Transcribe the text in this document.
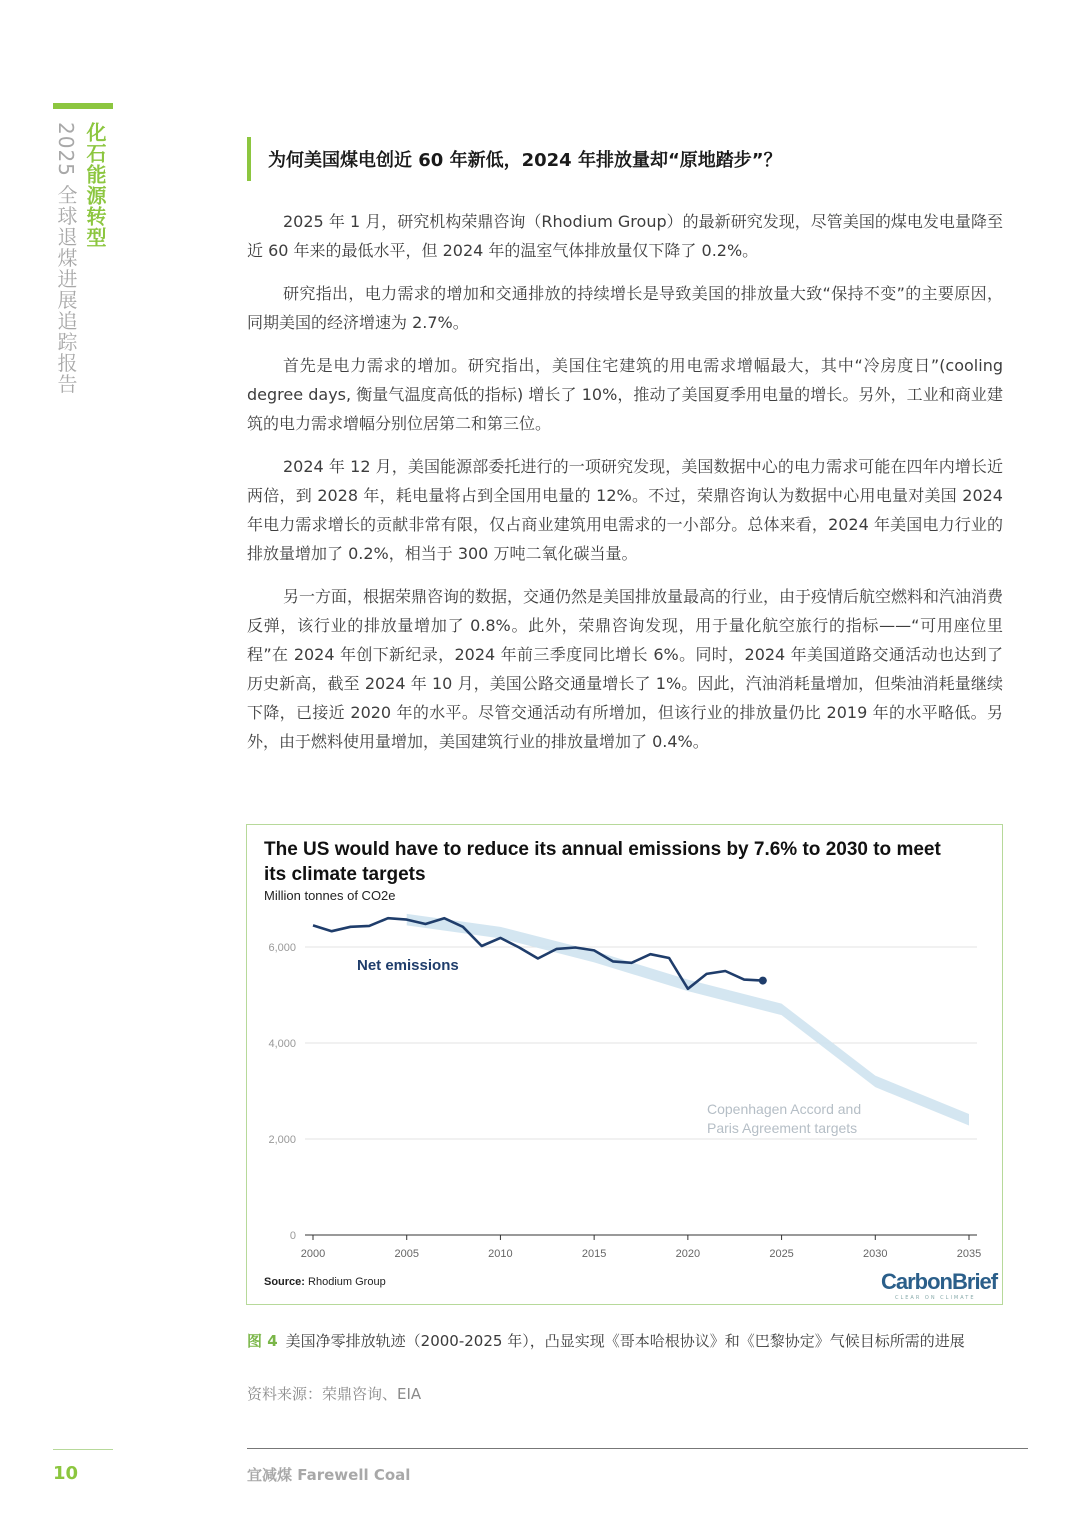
化石能源转型
2025 全球退煤进展追踪报告	为何美国煤电创近 60 年新低，2024 年排放量却“原地踏步”？

2025 年 1 月，研究机构荣鼎咨询（Rhodium Group）的最新研究发现，尽管美国的煤电发电量降至近 60 年来的最低水平，但 2024 年的温室气体排放量仅下降了 0.2%。

研究指出，电力需求的增加和交通排放的持续增长是导致美国的排放量大致“保持不变”的主要原因，同期美国的经济增速为 2.7%。

首先是电力需求的增加。研究指出，美国住宅建筑的用电需求增幅最大，其中“冷房度日”(cooling degree days, 衡量气温度高低的指标) 增长了 10%，推动了美国夏季用电量的增长。另外，工业和商业建筑的电力需求增幅分别位居第二和第三位。

2024 年 12 月，美国能源部委托进行的一项研究发现，美国数据中心的电力需求可能在四年内增长近两倍，到 2028 年，耗电量将占到全国用电量的 12%。不过，荣鼎咨询认为数据中心用电量对美国 2024 年电力需求增长的贡献非常有限，仅占商业建筑用电需求的一小部分。总体来看，2024 年美国电力行业的排放量增加了 0.2%，相当于 300 万吨二氧化碳当量。

另一方面，根据荣鼎咨询的数据，交通仍然是美国排放量最高的行业，由于疫情后航空燃料和汽油消费反弹，该行业的排放量增加了 0.8%。此外，荣鼎咨询发现，用于量化航空旅行的指标——“可用座位里程”在 2024 年创下新纪录，2024 年前三季度同比增长 6%。同时，2024 年美国道路交通活动也达到了历史新高，截至 2024 年 10 月，美国公路交通量增长了 1%。因此，汽油消耗量增加，但柴油消耗量继续下降，已接近 2020 年的水平。尽管交通活动有所增加，但该行业的排放量仍比 2019 年的水平略低。另外，由于燃料使用量增加，美国建筑行业的排放量增加了 0.4%。

The US would have to reduce its annual emissions by 7.6% to 2030 to meet its climate targets
Million tonnes of CO2e
0
2,000
4,000
6,000
2000	2005	2010	2015	2020	2025	2030	2035
Copenhagen Accord and
Paris Agreement targets
Net emissions
Source: Rhodium Group	CarbonBrief
CLEAR ON CLIMATE
图 4 美国净零排放轨迹（2000-2025 年），凸显实现《哥本哈根协议》和《巴黎协定》气候目标所需的进展
资料来源：荣鼎咨询、EIA
10	宜减煤 Farewell Coal
